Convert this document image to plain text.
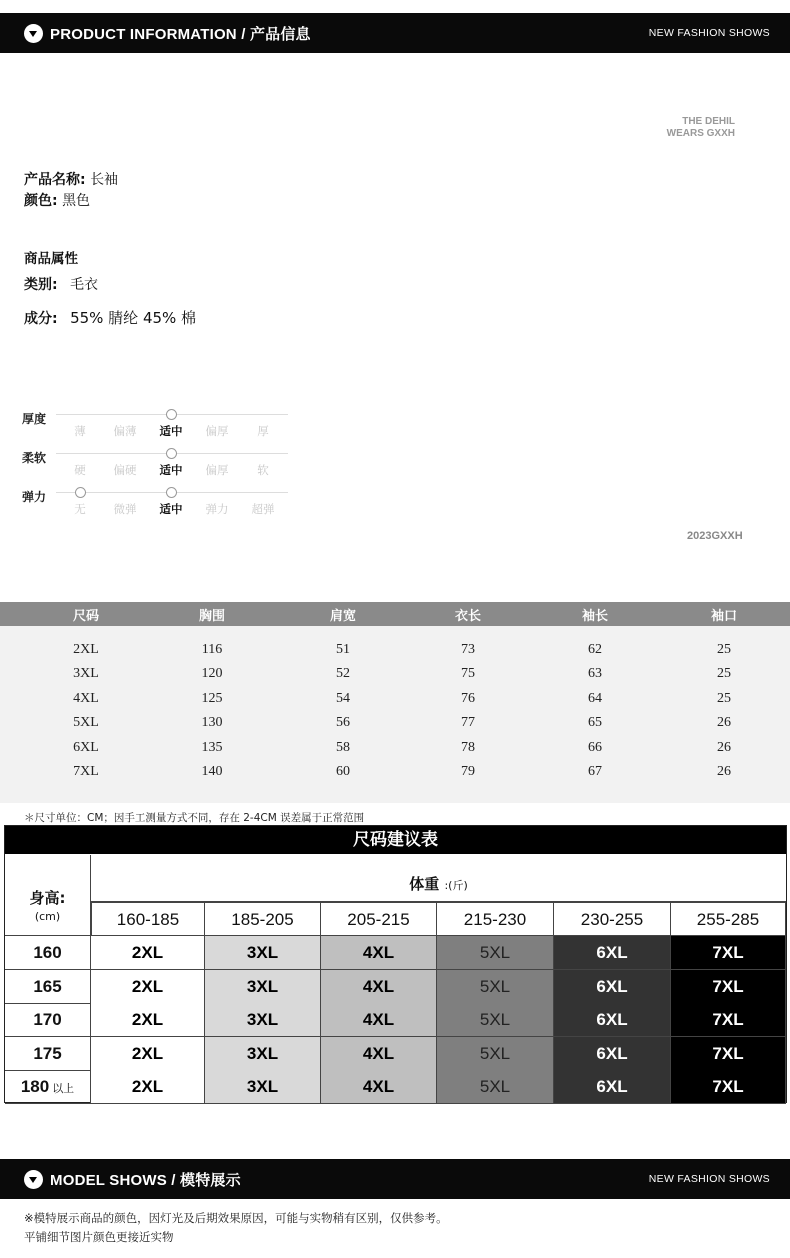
PRODUCT INFORMATION / 产品信息	NEW FASHION SHOWS
THE DEHIL
WEARS GXXH
产品名称: 长袖
颜色: 黑色
商品属性
类别: 毛衣
成分: 55% 腈纶 45% 棉
厚度
薄	偏薄	适中	偏厚	厚
柔软
硬	偏硬	适中	偏厚	软
弹力
无	微弹	适中	弹力	超弹
2023GXXH
尺码	胸围	肩宽	衣长	袖长	袖口
2XL	116	51	73	62	25
3XL	120	52	75	63	25
4XL	125	54	76	64	25
5XL	130	56	77	65	26
6XL	135	58	78	66	26
7XL	140	60	79	67	26
＊尺寸单位：CM；因手工测量方式不同，存在 2-4CM 误差属于正常范围
尺码建议表
身高:
(cm)
体重 :(斤)
160-185	185-205	205-215	215-230	230-255	255-285
160	2XL	3XL	4XL	5XL	6XL	7XL
165	2XL	3XL	4XL	5XL	6XL	7XL
170	2XL	3XL	4XL	5XL	6XL	7XL
175	2XL	3XL	4XL	5XL	6XL	7XL
180 以上	2XL	3XL	4XL	5XL	6XL	7XL
MODEL SHOWS / 模特展示	NEW FASHION SHOWS
※模特展示商品的颜色，因灯光及后期效果原因，可能与实物稍有区别，仅供参考。
平铺细节图片颜色更接近实物
